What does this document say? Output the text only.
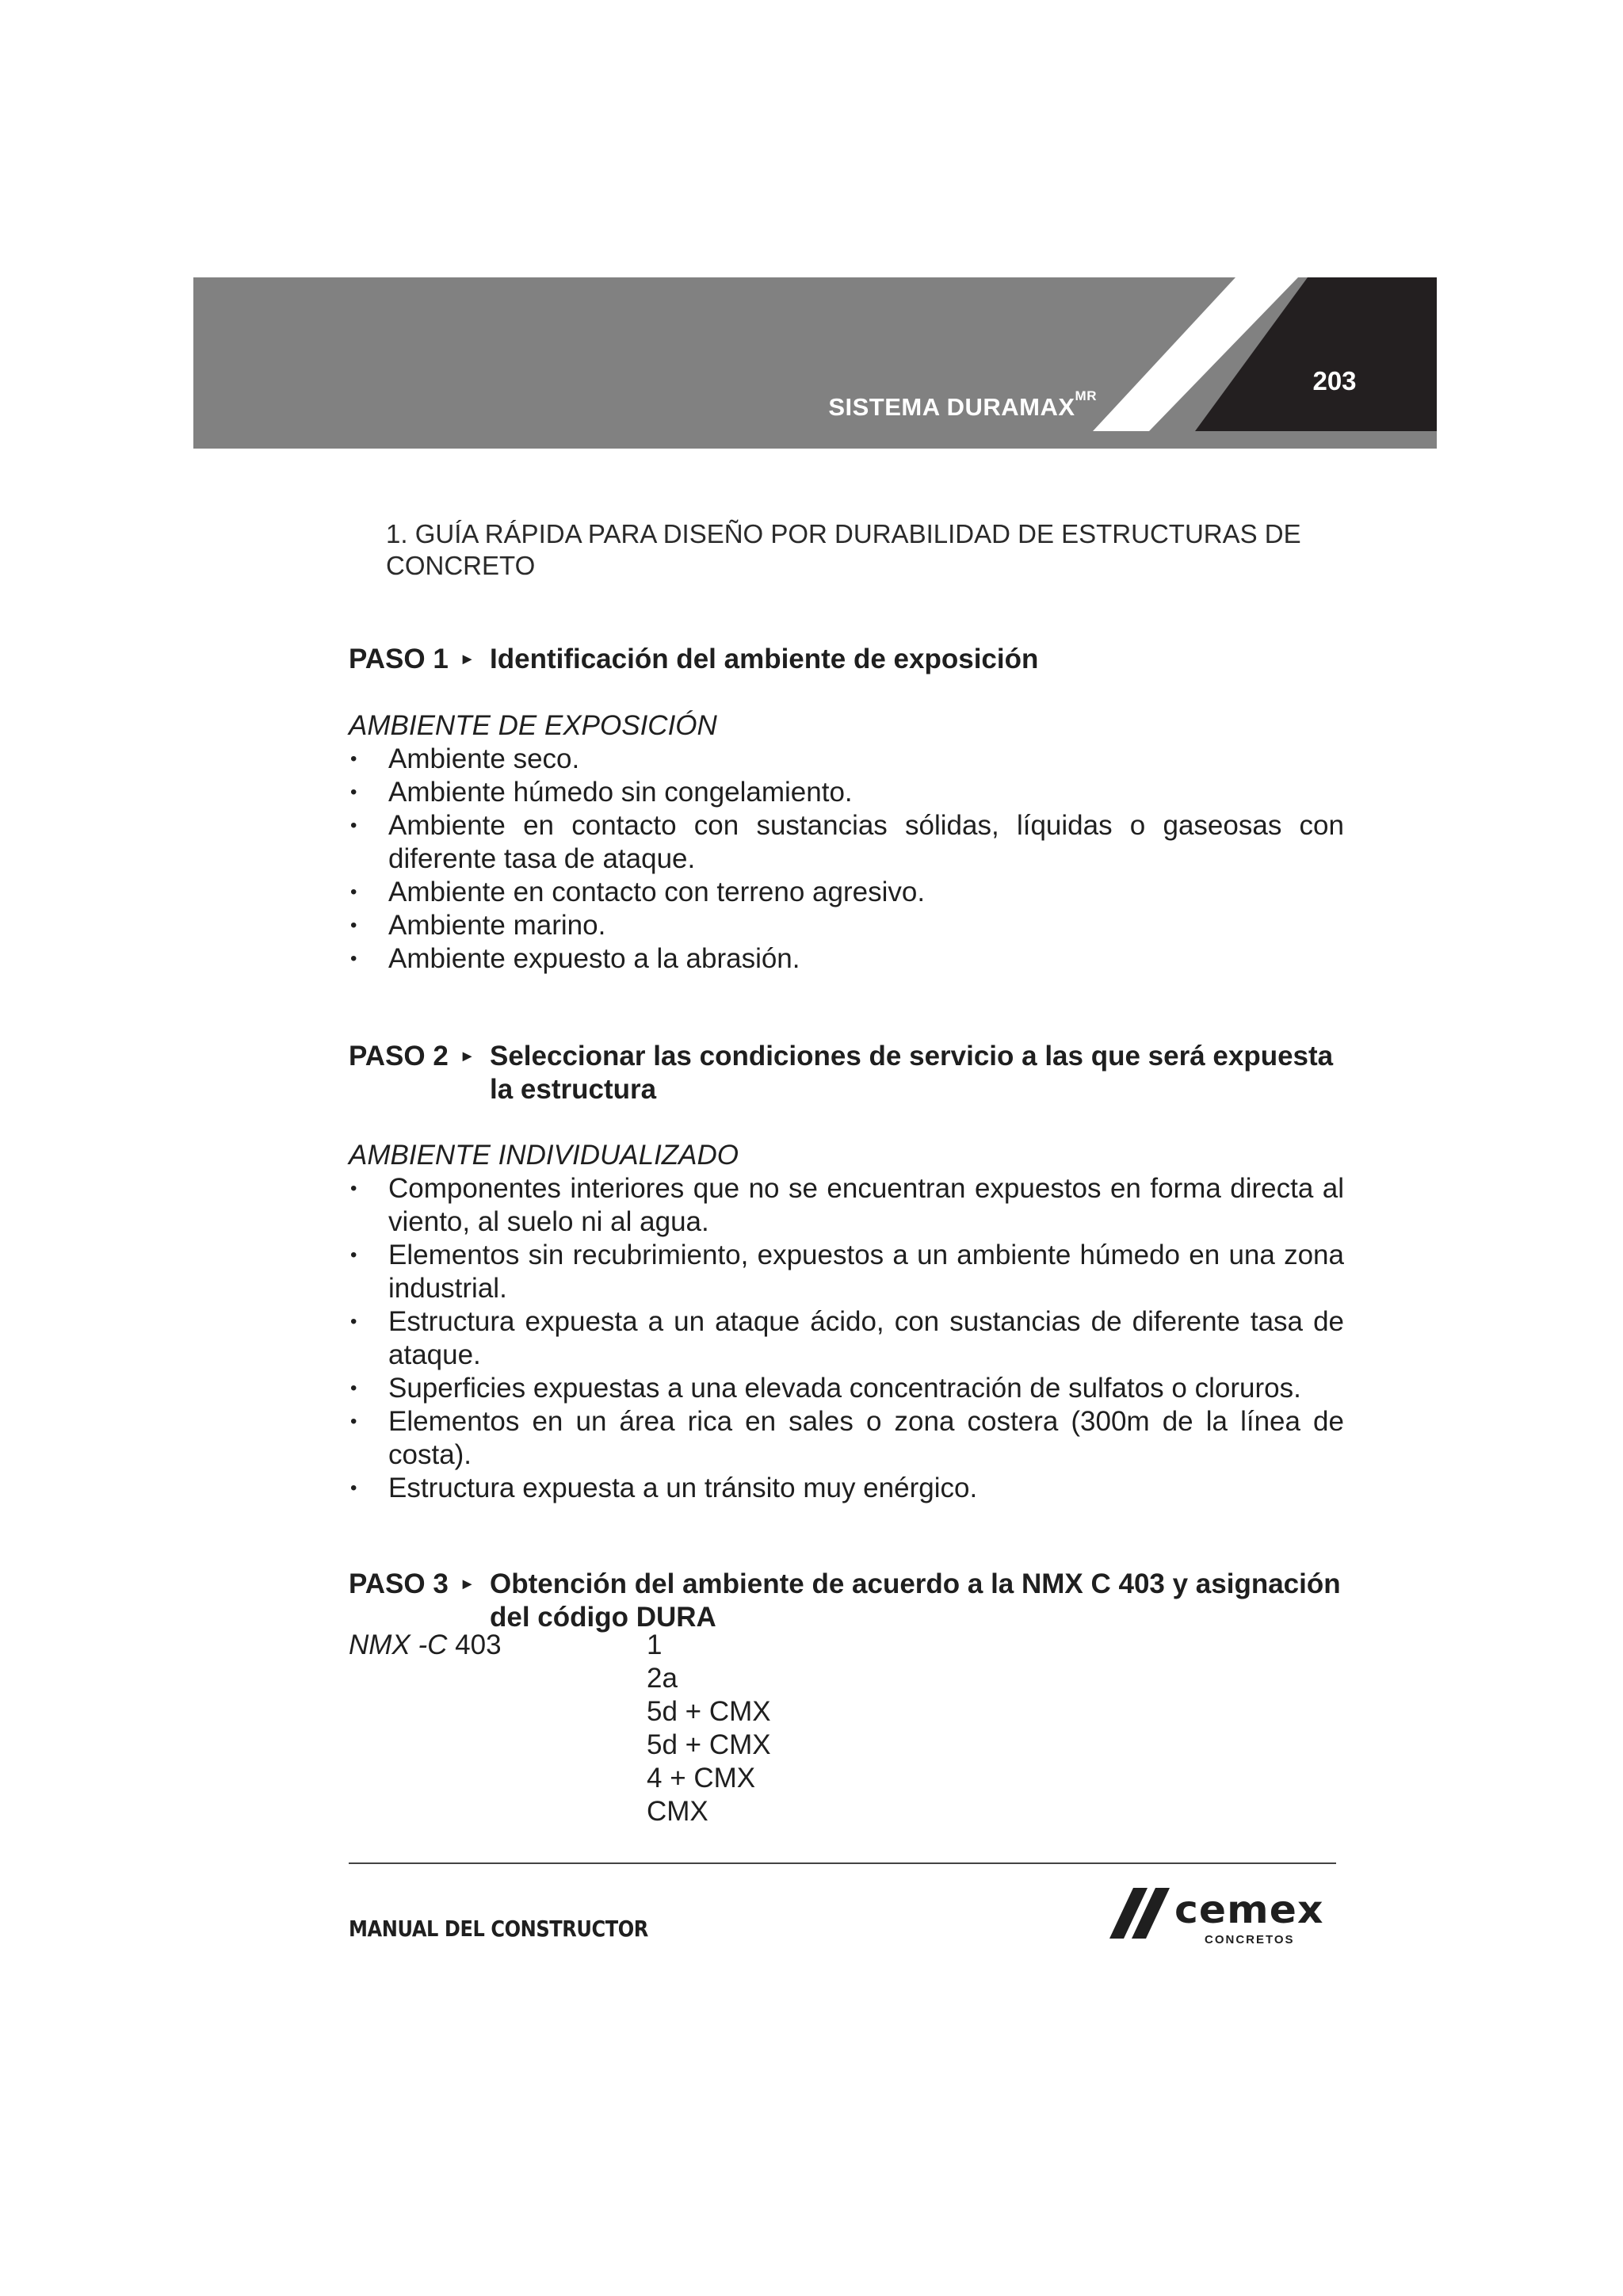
SISTEMA $DURAMAX^{MR}$
203
1. GUÍA RÁPIDA PARA DISEÑO POR DURABILIDAD DE ESTRUCTURAS DE CONCRETO
PASO 1 ► Identificación del ambiente de exposición
AMBIENTE DE EXPOSICIÓN
• Ambiente seco.
• Ambiente húmedo sin congelamiento.
• Ambiente en contacto con sustancias sólidas, líquidas o gaseosas con diferente tasa de ataque.
• Ambiente en contacto con terreno agresivo.
• Ambiente marino.
• Ambiente expuesto a la abrasión.
PASO 2 ► Seleccionar las condiciones de servicio a las que será expuesta la estructura
AMBIENTE INDIVIDUALIZADO
• Componentes interiores que no se encuentran expuestos en forma directa al viento, al suelo ni al agua.
• Elementos sin recubrimiento, expuestos a un ambiente húmedo en una zona industrial.
• Estructura expuesta a un ataque ácido, con sustancias de diferente tasa de ataque.
• Superficies expuestas a una elevada concentración de sulfatos o cloruros.
• Elementos en un área rica en sales o zona costera (300m de la línea de costa).
• Estructura expuesta a un tránsito muy enérgico.
PASO 3 ► Obtención del ambiente de acuerdo a la NMX C 403 y asignación del código DURA
NMX -C 403	1
2a
5d + CMX
5d + CMX
4 + CMX
CMX
MANUAL DEL CONSTRUCTOR	cemex
CONCRETOS
